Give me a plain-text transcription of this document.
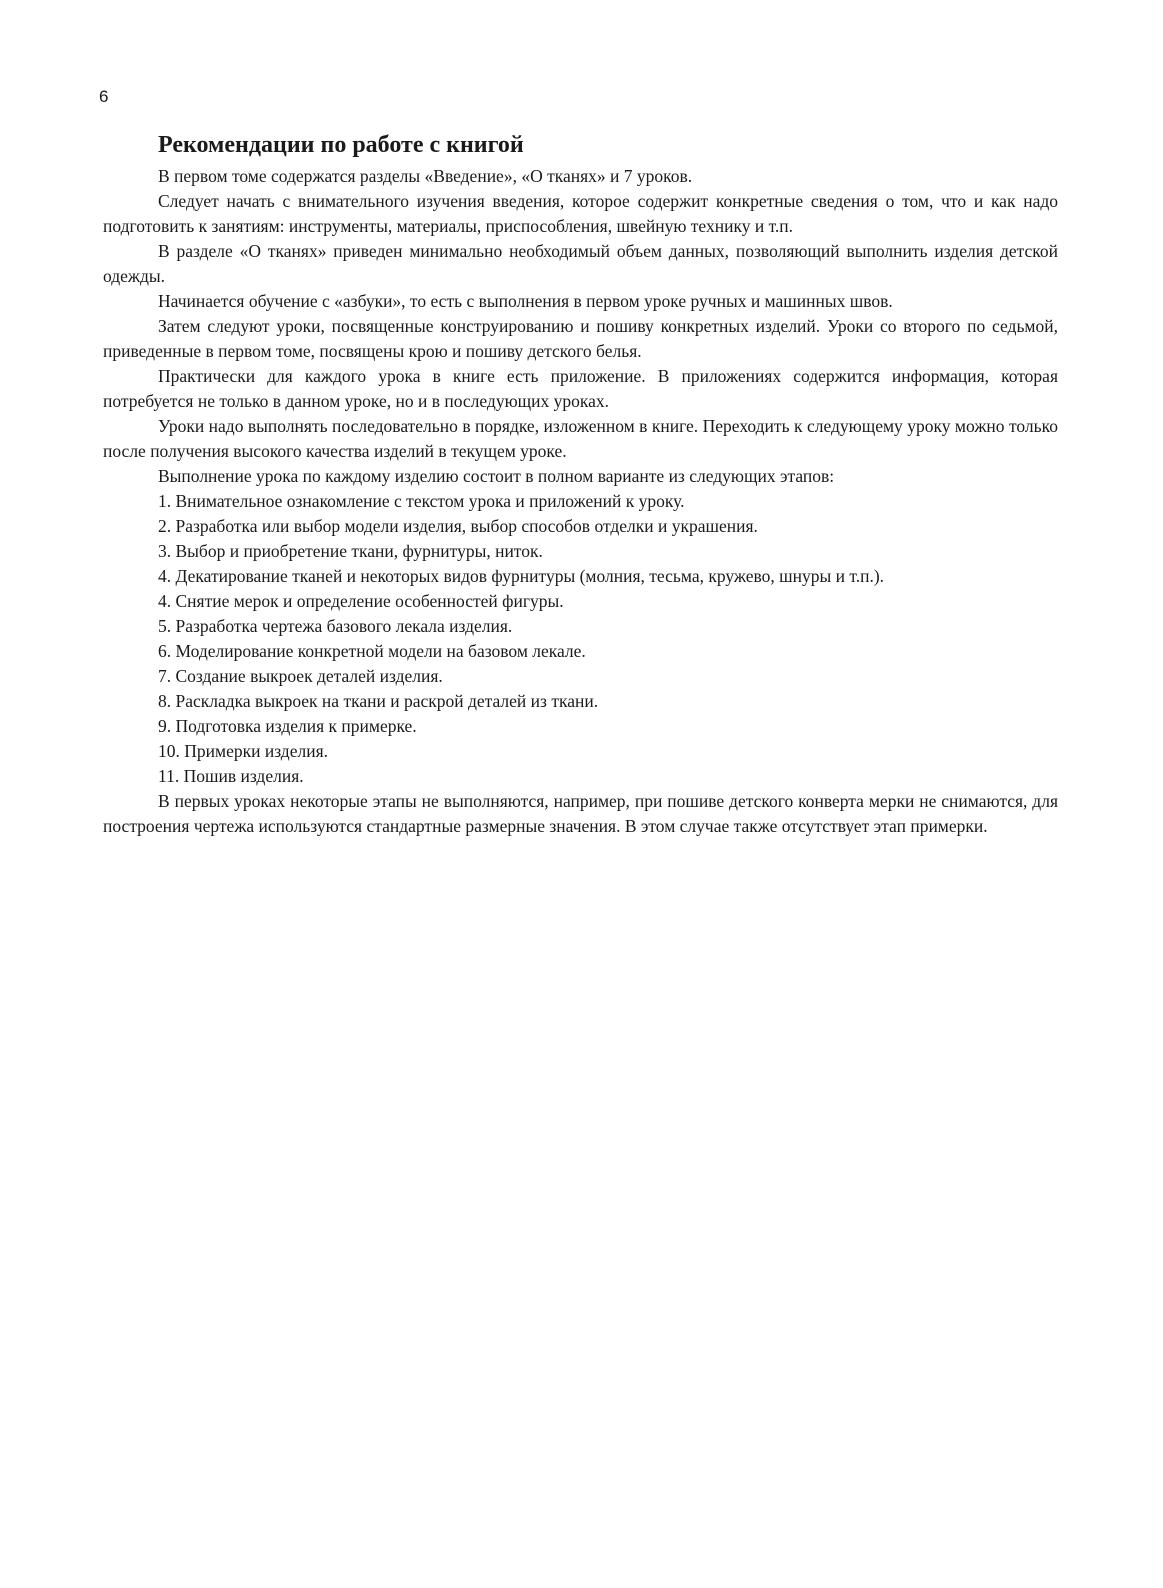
6
Рекомендации по работе с книгой

В первом томе содержатся разделы «Введение», «О тканях» и 7 уроков.

Следует начать с внимательного изучения введения, которое содержит конкретные сведения о том, что и как надо подготовить к занятиям: инструменты, материалы, приспособления, швейную технику и т.п.

В разделе «О тканях» приведен минимально необходимый объем данных, позволяющий выполнить изделия детской одежды.

Начинается обучение с «азбуки», то есть с выполнения в первом уроке ручных и машинных швов.

Затем следуют уроки, посвященные конструированию и пошиву конкретных изделий. Уроки со второго по седьмой, приведенные в первом томе, посвящены крою и пошиву детского белья.

Практически для каждого урока в книге есть приложение. В приложениях содержится информация, которая потребуется не только в данном уроке, но и в последующих уроках.

Уроки надо выполнять последовательно в порядке, изложенном в книге. Переходить к следующему уроку можно только после получения высокого качества изделий в текущем уроке.

Выполнение урока по каждому изделию состоит в полном варианте из следующих этапов:

1. Внимательное ознакомление с текстом урока и приложений к уроку.
2. Разработка или выбор модели изделия, выбор способов отделки и украшения.
3. Выбор и приобретение ткани, фурнитуры, ниток.
4. Декатирование тканей и некоторых видов фурнитуры (молния, тесьма, кружево, шнуры и т.п.).
4. Снятие мерок и определение особенностей фигуры.
5. Разработка чертежа базового лекала изделия.
6. Моделирование конкретной модели на базовом лекале.
7. Создание выкроек деталей изделия.
8. Раскладка выкроек на ткани и раскрой деталей из ткани.
9. Подготовка изделия к примерке.
10. Примерки изделия.
11. Пошив изделия.

В первых уроках некоторые этапы не выполняются, например, при пошиве детского конверта мерки не снимаются, для построения чертежа используются стандартные размерные значения. В этом случае также отсутствует этап примерки.
